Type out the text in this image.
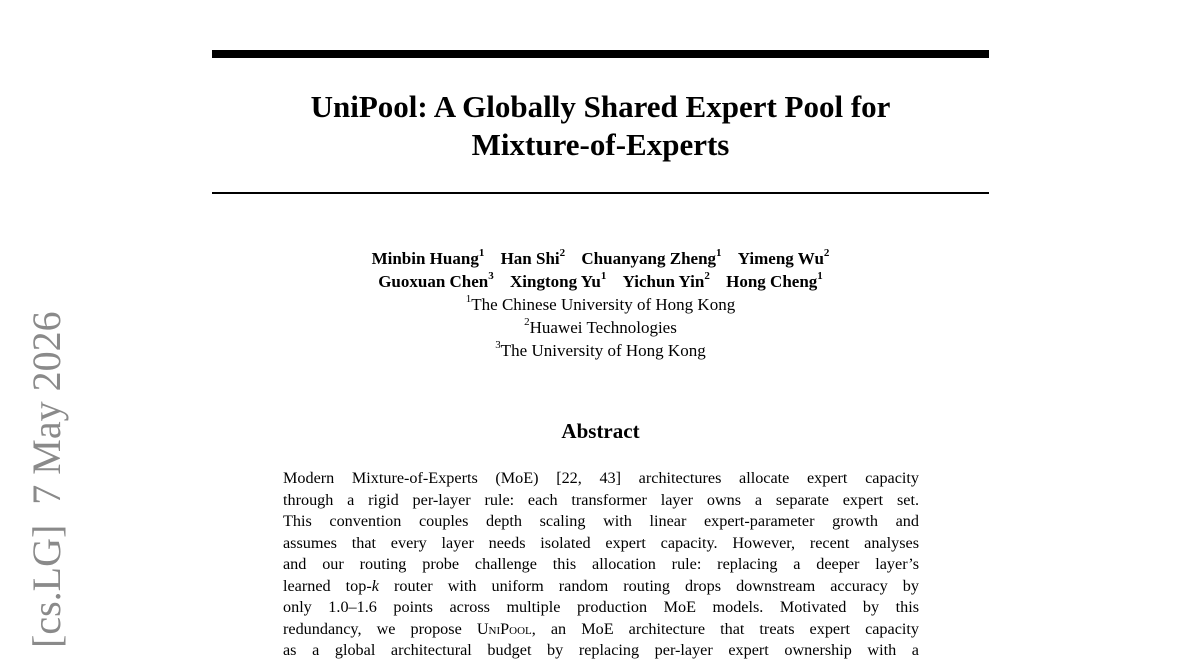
UniPool: A Globally Shared Expert Pool for
Mixture-of-Experts
Minbin Huang$^1$ Han Shi$^2$ Chuanyang Zheng$^1$ Yimeng Wu$^2$
Guoxuan Chen$^3$ Xingtong Yu$^1$ Yichun Yin$^2$ Hong Cheng$^1$
$^1$The Chinese University of Hong Kong
$^2$Huawei Technologies
$^3$The University of Hong Kong
Abstract
Modern Mixture-of-Experts (MoE) [22, 43] architectures allocate expert capacity
through a rigid per-layer rule: each transformer layer owns a separate expert set.
This convention couples depth scaling with linear expert-parameter growth and
assumes that every layer needs isolated expert capacity. However, recent analyses
and our routing probe challenge this allocation rule: replacing a deeper layer’s
learned top-k router with uniform random routing drops downstream accuracy by
only 1.0–1.6 points across multiple production MoE models. Motivated by this
redundancy, we propose UniPool, an MoE architecture that treats expert capacity
as a global architectural budget by replacing per-layer expert ownership with a
[cs.LG]7 May 2026
